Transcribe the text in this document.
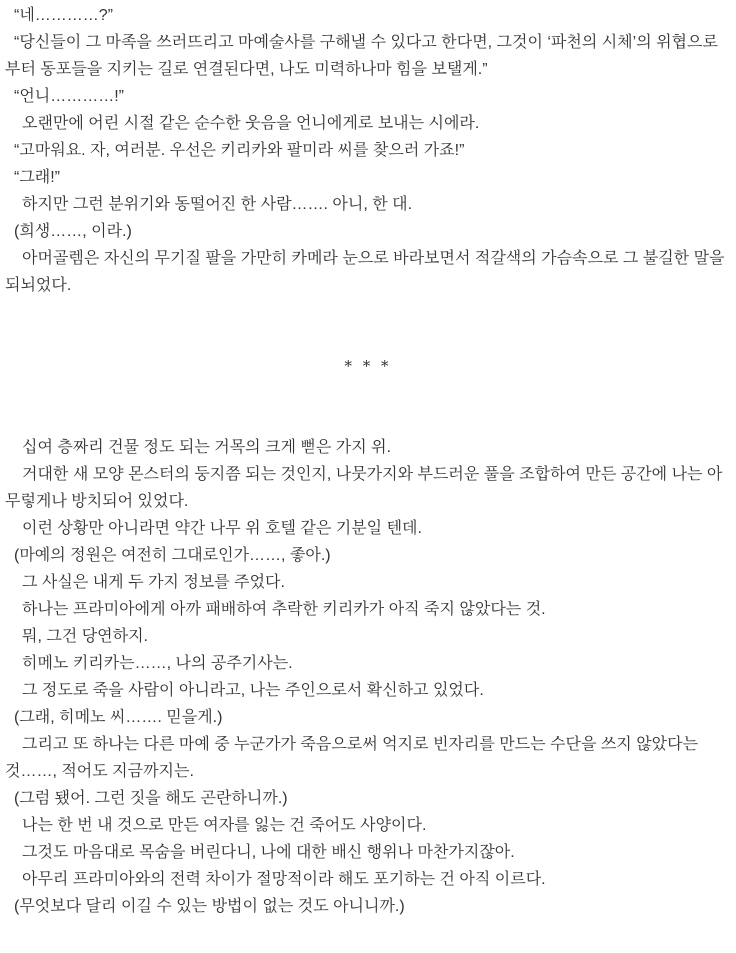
“네…………?”

“당신들이 그 마족을 쓰러뜨리고 마예술사를 구해낼 수 있다고 한다면, 그것이 ‘파천의 시체’의 위협으로부터 동포들을 지키는 길로 연결된다면, 나도 미력하나마 힘을 보탤게.”

“언니…………!”

오랜만에 어린 시절 같은 순수한 웃음을 언니에게로 보내는 시에라.

“고마워요. 자, 여러분. 우선은 키리카와 팔미라 씨를 찾으러 가죠!”

“그래!”

하지만 그런 분위기와 동떨어진 한 사람……. 아니, 한 대.

(희생……, 이라.)

아머골렘은 자신의 무기질 팔을 가만히 카메라 눈으로 바라보면서 적갈색의 가슴속으로 그 불길한 말을 되뇌었다.

* * *

십여 층짜리 건물 정도 되는 거목의 크게 뻗은 가지 위.

거대한 새 모양 몬스터의 둥지쯤 되는 것인지, 나뭇가지와 부드러운 풀을 조합하여 만든 공간에 나는 아무렇게나 방치되어 있었다.

이런 상황만 아니라면 약간 나무 위 호텔 같은 기분일 텐데.

(마예의 정원은 여전히 그대로인가……, 좋아.)

그 사실은 내게 두 가지 정보를 주었다.

하나는 프라미아에게 아까 패배하여 추락한 키리카가 아직 죽지 않았다는 것.

뭐, 그건 당연하지.

히메노 키리카는……, 나의 공주기사는.

그 정도로 죽을 사람이 아니라고, 나는 주인으로서 확신하고 있었다.

(그래, 히메노 씨……. 믿을게.)

그리고 또 하나는 다른 마예 중 누군가가 죽음으로써 억지로 빈자리를 만드는 수단을 쓰지 않았다는 것……, 적어도 지금까지는.

(그럼 됐어. 그런 짓을 해도 곤란하니까.)

나는 한 번 내 것으로 만든 여자를 잃는 건 죽어도 사양이다.

그것도 마음대로 목숨을 버린다니, 나에 대한 배신 행위나 마찬가지잖아.

아무리 프라미아와의 전력 차이가 절망적이라 해도 포기하는 건 아직 이르다.

(무엇보다 달리 이길 수 있는 방법이 없는 것도 아니니까.)
